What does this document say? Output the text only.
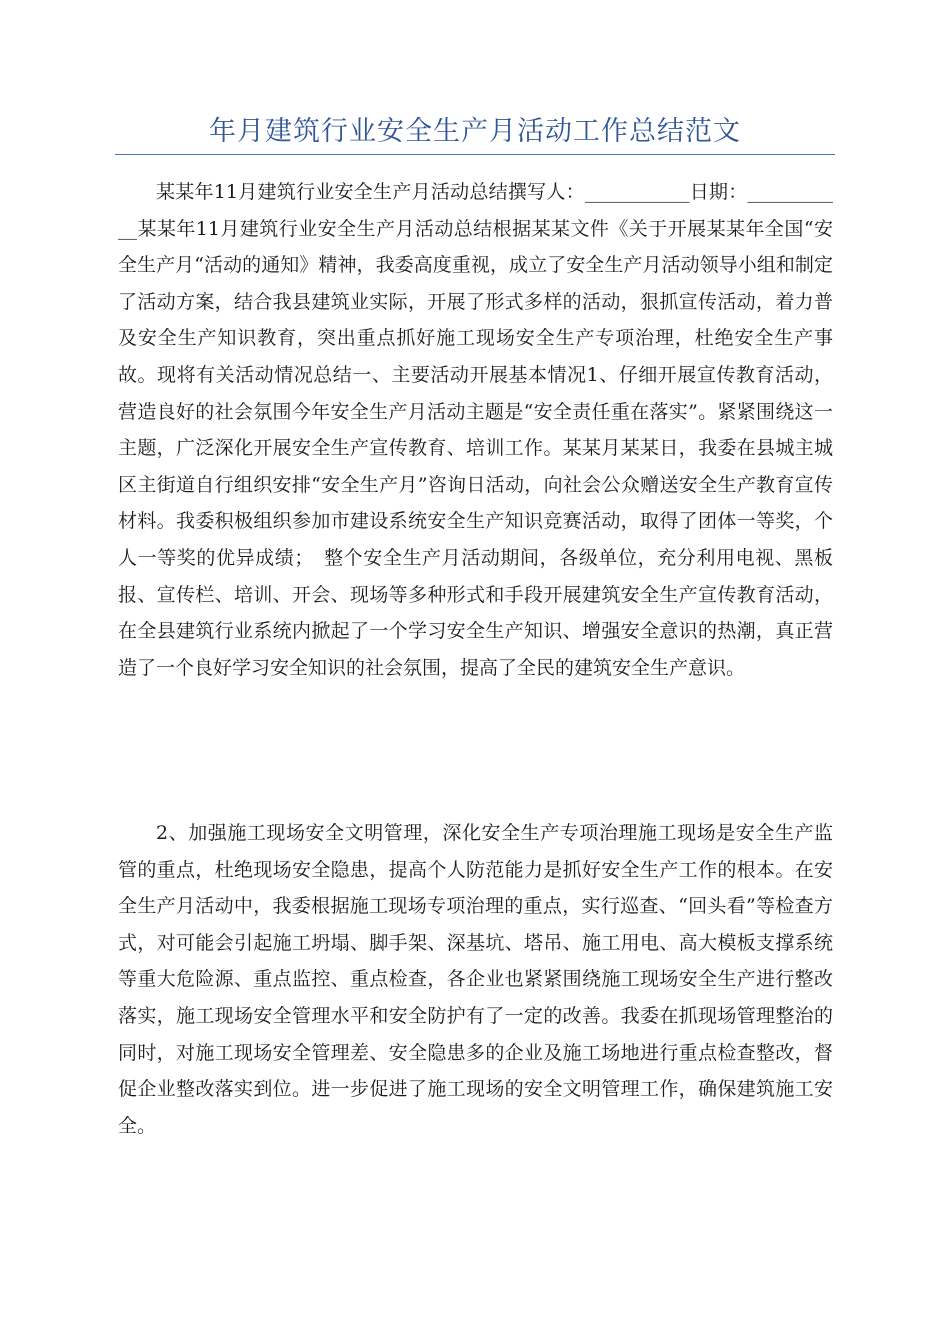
年月建筑行业安全生产月活动工作总结范文

某某年11月建筑行业安全生产月活动总结撰写人：___________日期：___________某某年11月建筑行业安全生产月活动总结根据某某文件《关于开展某某年全国“安全生产月“活动的通知》精神，我委高度重视，成立了安全生产月活动领导小组和制定了活动方案，结合我县建筑业实际，开展了形式多样的活动，狠抓宣传活动，着力普及安全生产知识教育，突出重点抓好施工现场安全生产专项治理，杜绝安全生产事故。现将有关活动情况总结一、主要活动开展基本情况1、仔细开展宣传教育活动，营造良好的社会氛围今年安全生产月活动主题是“安全责任重在落实”。紧紧围绕这一主题，广泛深化开展安全生产宣传教育、培训工作。某某月某某日，我委在县城主城区主街道自行组织安排“安全生产月”咨询日活动，向社会公众赠送安全生产教育宣传材料。我委积极组织参加市建设系统安全生产知识竞赛活动，取得了团体一等奖，个人一等奖的优异成绩；　整个安全生产月活动期间，各级单位，充分利用电视、黑板报、宣传栏、培训、开会、现场等多种形式和手段开展建筑安全生产宣传教育活动，在全县建筑行业系统内掀起了一个学习安全生产知识、增强安全意识的热潮，真正营造了一个良好学习安全知识的社会氛围，提高了全民的建筑安全生产意识。

2、加强施工现场安全文明管理，深化安全生产专项治理施工现场是安全生产监管的重点，杜绝现场安全隐患，提高个人防范能力是抓好安全生产工作的根本。在安全生产月活动中，我委根据施工现场专项治理的重点，实行巡查、“回头看”等检查方式，对可能会引起施工坍塌、脚手架、深基坑、塔吊、施工用电、高大模板支撑系统等重大危险源、重点监控、重点检查，各企业也紧紧围绕施工现场安全生产进行整改落实，施工现场安全管理水平和安全防护有了一定的改善。我委在抓现场管理整治的同时，对施工现场安全管理差、安全隐患多的企业及施工场地进行重点检查整改，督促企业整改落实到位。进一步促进了施工现场的安全文明管理工作，确保建筑施工安全。
